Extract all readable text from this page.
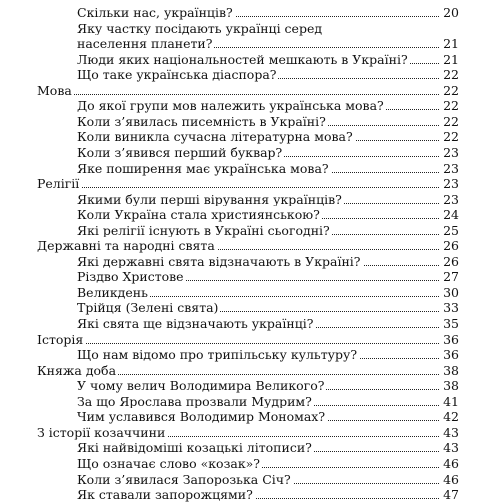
Скільки нас, українців?	20
Яку частку посідають українці серед
населення планети?	21
Люди яких національностей мешкають в Україні?	21
Що таке українська діаспора?	22
Мова	22
До якої групи мов належить українська мова?	22
Коли з’явилась писемність в Україні?	22
Коли виникла сучасна літературна мова?	22
Коли з’явився перший буквар?	23
Яке поширення має українська мова?	23
Релігії	23
Якими були перші вірування українців?	23
Коли Україна стала християнською?	24
Які релігії існують в Україні сьогодні?	25
Державні та народні свята	26
Які державні свята відзначають в Україні?	26
Різдво Христове	27
Великдень	30
Трійця (Зелені свята)	33
Які свята ще відзначають українці?	35
Історія	36
Що нам відомо про трипільську культуру?	36
Княжа доба	38
У чому велич Володимира Великого?	38
За що Ярослава прозвали Мудрим?	41
Чим уславився Володимир Мономах?	42
З історії козаччини	43
Які найвідоміші козацькі літописи?	43
Що означає слово «козак»?	46
Коли з’явилася Запорозька Січ?	46
Як ставали запорожцями?	47
